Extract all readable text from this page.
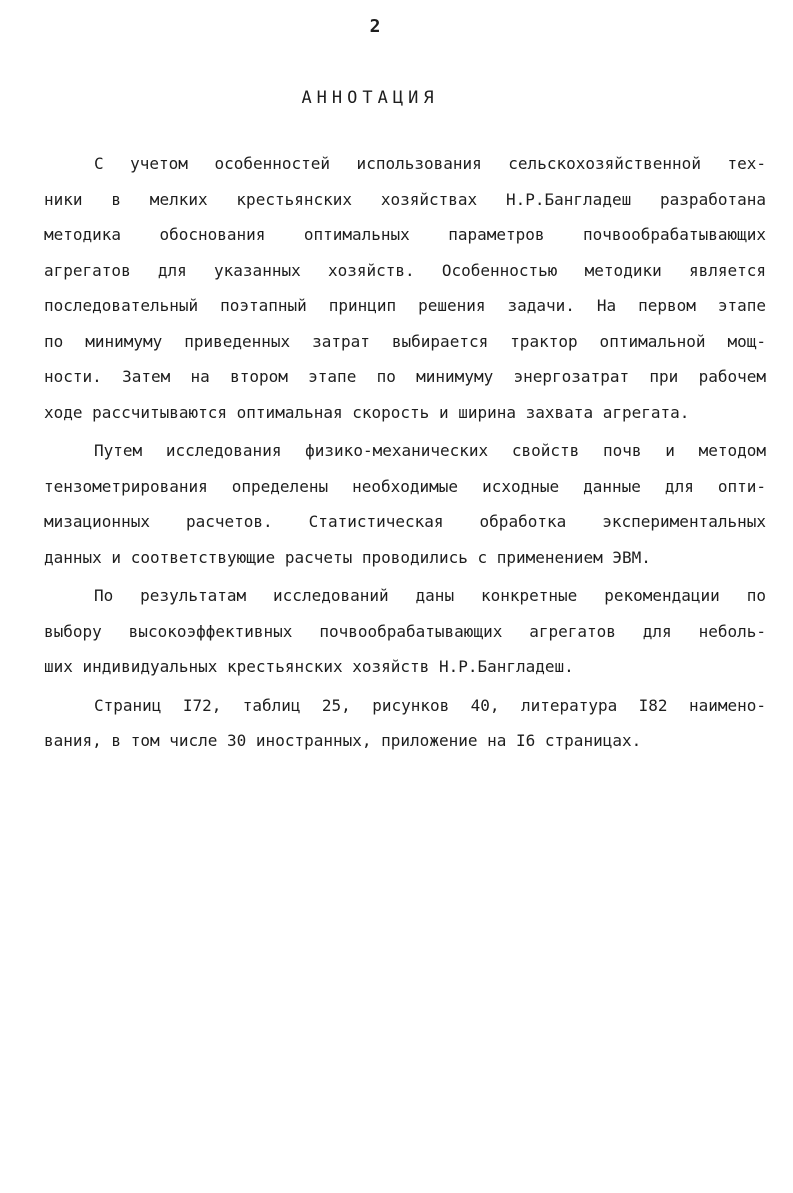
2
АННОТАЦИЯ
С учетом особенностей использования сельскохозяйственной тех-
ники в мелких крестьянских хозяйствах Н.Р.Бангладеш разработана
методика обоснования оптимальных параметров почвообрабатывающих
агрегатов для указанных хозяйств. Особенностью методики является
последовательный поэтапный принцип решения задачи. На первом этапе
по минимуму приведенных затрат выбирается трактор оптимальной мощ-
ности. Затем на втором этапе по минимуму энергозатрат при рабочем
ходе рассчитываются оптимальная скорость и ширина захвата агрегата.
Путем исследования физико-механических свойств почв и методом
тензометрирования определены необходимые исходные данные для опти-
мизационных расчетов. Статистическая обработка экспериментальных
данных и соответствующие расчеты проводились с применением ЭВМ.
По результатам исследований даны конкретные рекомендации по
выбору высокоэффективных почвообрабатывающих агрегатов для неболь-
ших индивидуальных крестьянских хозяйств Н.Р.Бангладеш.
Страниц I72, таблиц 25, рисунков 40, литература I82 наимено-
вания, в том числе 30 иностранных, приложение на I6 страницах.
